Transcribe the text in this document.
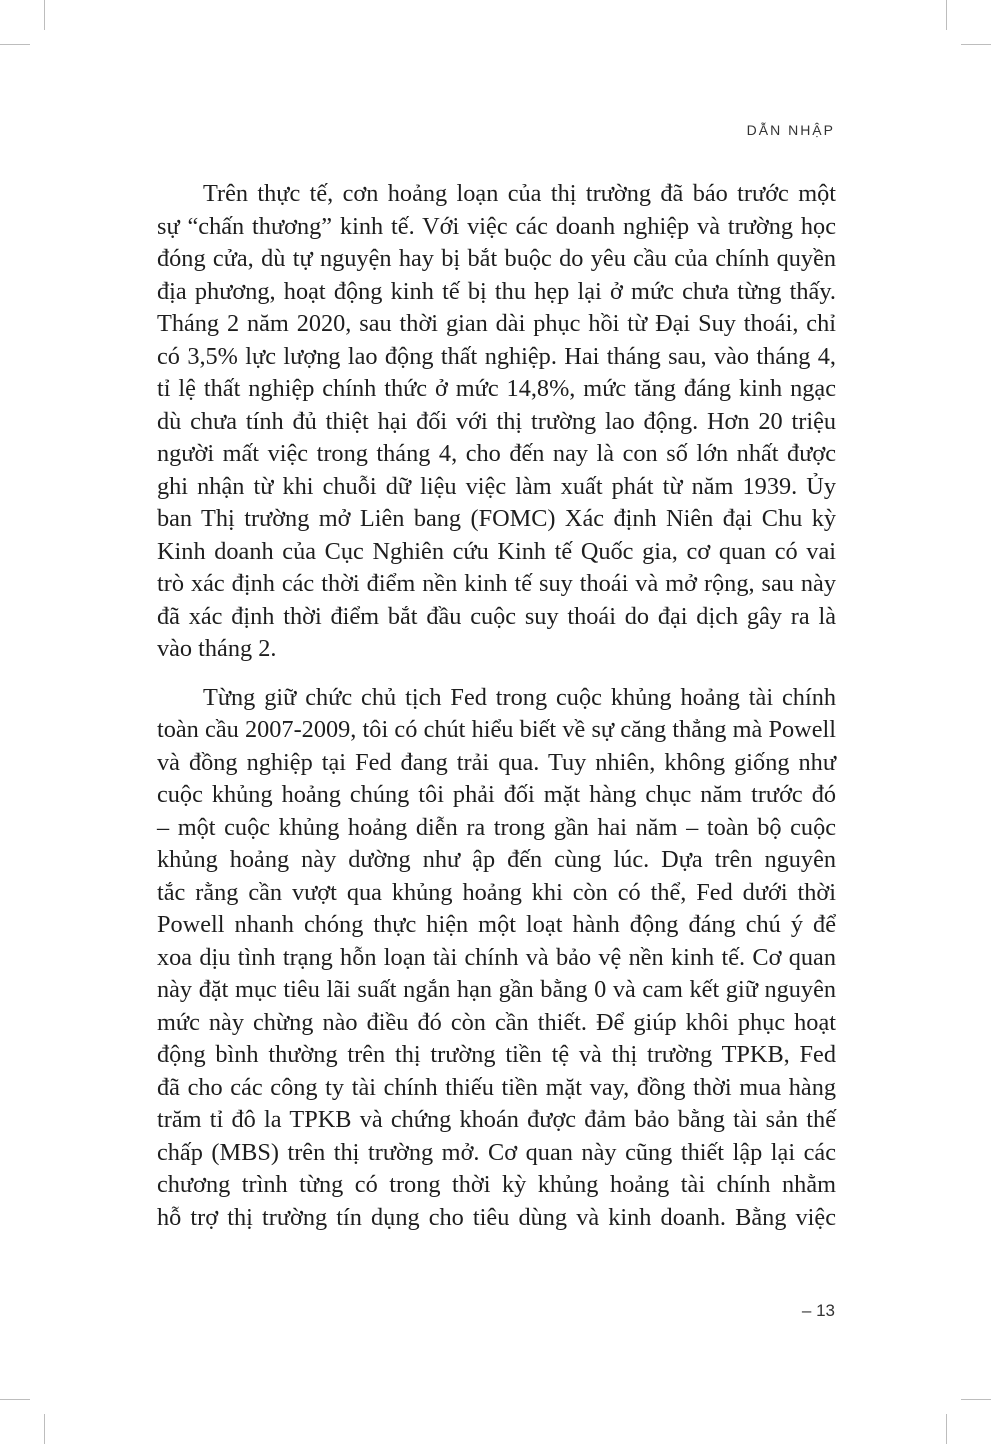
DẪN NHẬP

Trên thực tế, cơn hoảng loạn của thị trường đã báo trước một
sự “chấn thương” kinh tế. Với việc các doanh nghiệp và trường học
đóng cửa, dù tự nguyện hay bị bắt buộc do yêu cầu của chính quyền
địa phương, hoạt động kinh tế bị thu hẹp lại ở mức chưa từng thấy.
Tháng 2 năm 2020, sau thời gian dài phục hồi từ Đại Suy thoái, chỉ
có 3,5% lực lượng lao động thất nghiệp. Hai tháng sau, vào tháng 4,
tỉ lệ thất nghiệp chính thức ở mức 14,8%, mức tăng đáng kinh ngạc
dù chưa tính đủ thiệt hại đối với thị trường lao động. Hơn 20 triệu
người mất việc trong tháng 4, cho đến nay là con số lớn nhất được
ghi nhận từ khi chuỗi dữ liệu việc làm xuất phát từ năm 1939. Ủy
ban Thị trường mở Liên bang (FOMC) Xác định Niên đại Chu kỳ
Kinh doanh của Cục Nghiên cứu Kinh tế Quốc gia, cơ quan có vai
trò xác định các thời điểm nền kinh tế suy thoái và mở rộng, sau này
đã xác định thời điểm bắt đầu cuộc suy thoái do đại dịch gây ra là
vào tháng 2.

Từng giữ chức chủ tịch Fed trong cuộc khủng hoảng tài chính
toàn cầu 2007-2009, tôi có chút hiểu biết về sự căng thẳng mà Powell
và đồng nghiệp tại Fed đang trải qua. Tuy nhiên, không giống như
cuộc khủng hoảng chúng tôi phải đối mặt hàng chục năm trước đó
– một cuộc khủng hoảng diễn ra trong gần hai năm – toàn bộ cuộc
khủng hoảng này dường như ập đến cùng lúc. Dựa trên nguyên
tắc rằng cần vượt qua khủng hoảng khi còn có thể, Fed dưới thời
Powell nhanh chóng thực hiện một loạt hành động đáng chú ý để
xoa dịu tình trạng hỗn loạn tài chính và bảo vệ nền kinh tế. Cơ quan
này đặt mục tiêu lãi suất ngắn hạn gần bằng 0 và cam kết giữ nguyên
mức này chừng nào điều đó còn cần thiết. Để giúp khôi phục hoạt
động bình thường trên thị trường tiền tệ và thị trường TPKB, Fed
đã cho các công ty tài chính thiếu tiền mặt vay, đồng thời mua hàng
trăm tỉ đô la TPKB và chứng khoán được đảm bảo bằng tài sản thế
chấp (MBS) trên thị trường mở. Cơ quan này cũng thiết lập lại các
chương trình từng có trong thời kỳ khủng hoảng tài chính nhằm
hỗ trợ thị trường tín dụng cho tiêu dùng và kinh doanh. Bằng việc

– 13
